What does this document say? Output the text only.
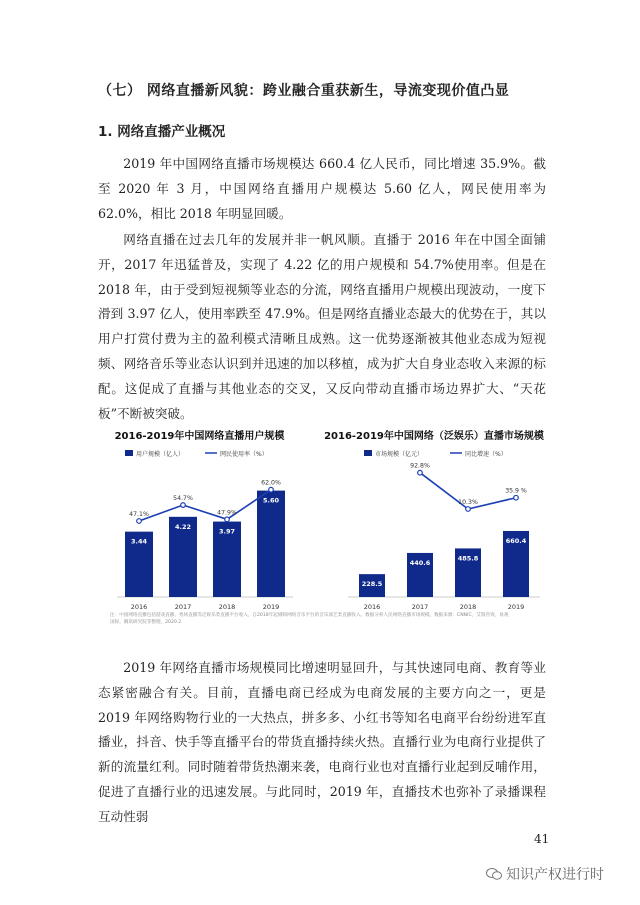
（七） 网络直播新风貌：跨业融合重获新生，导流变现价值凸显
1. 网络直播产业概况

2019 年中国网络直播市场规模达 660.4 亿人民币，同比增速 35.9%。截至 2020 年 3 月，中国网络直播用户规模达 5.60 亿人，网民使用率为 62.0%，相比 2018 年明显回暖。

网络直播在过去几年的发展并非一帆风顺。直播于 2016 年在中国全面铺开，2017 年迅猛普及，实现了 4.22 亿的用户规模和 54.7%使用率。但是在 2018 年，由于受到短视频等业态的分流，网络直播用户规模出现波动，一度下滑到 3.97 亿人，使用率跌至 47.9%。但是网络直播业态最大的优势在于，其以用户打赏付费为主的盈利模式清晰且成熟。这一优势逐渐被其他业态成为短视频、网络音乐等业态认识到并迅速的加以移植，成为扩大自身业态收入来源的标配。这促成了直播与其他业态的交叉，又反向带动直播市场边界扩大、“天花板”不断被突破。

2016-2019年中国网络直播用户规模
用户规模（亿人）	网民使用率（%）
3.44
2016
4.22
2017
3.97
2018
5.60
2019
47.1%
54.7%
47.9%
62.0%
2016-2019年中国网络（泛娱乐）直播市场规模
市场规模（亿元）	同比增速（%）
228.5
2016
440.6
2017
485.8
2018
660.4
2019
92.8%
10.3%
35.9 %
注：中国网络直播包括游戏直播、秀场直播等泛娱乐类直播平台收入，自2018年起剔除网络音乐平台的音乐演艺类直播收入。数据分析人民网络直播市场规模。数据来源：CNNIC，艾瑞咨询，易观国际，腾讯研究院等整理，2020.2

2019 年网络直播市场规模同比增速明显回升，与其快速同电商、教育等业态紧密融合有关。目前，直播电商已经成为电商发展的主要方向之一，更是 2019 年网络购物行业的一大热点，拼多多、小红书等知名电商平台纷纷进军直播业，抖音、快手等直播平台的带货直播持续火热。直播行业为电商行业提供了新的流量红利。同时随着带货热潮来袭，电商行业也对直播行业起到反哺作用，促进了直播行业的迅速发展。与此同时，2019 年，直播技术也弥补了录播课程互动性弱

41
知识产权进行时
